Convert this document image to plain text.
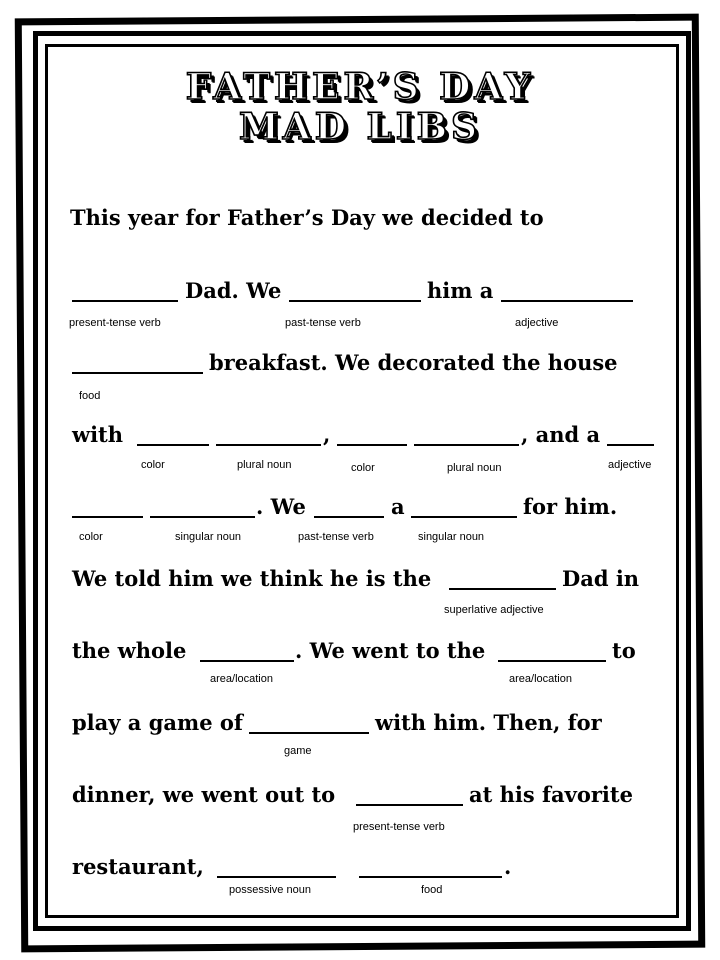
FATHER’S DAY
MAD LIBS
This year for Father’s Day we decided to
Dad. We	him a
present-tense verb	past-tense verb	adjective
breakfast. We decorated the house
food
with	,	, and a
color	plural noun	color	plural noun	adjective
. We	a	for him.
color	singular noun	past-tense verb	singular noun
We told him we think he is the	Dad in
superlative adjective
the whole	. We went to the	to
area/location	area/location
play a game of	with him. Then, for
game
dinner, we went out to	at his favorite
present-tense verb
restaurant,	.
possessive noun	food
